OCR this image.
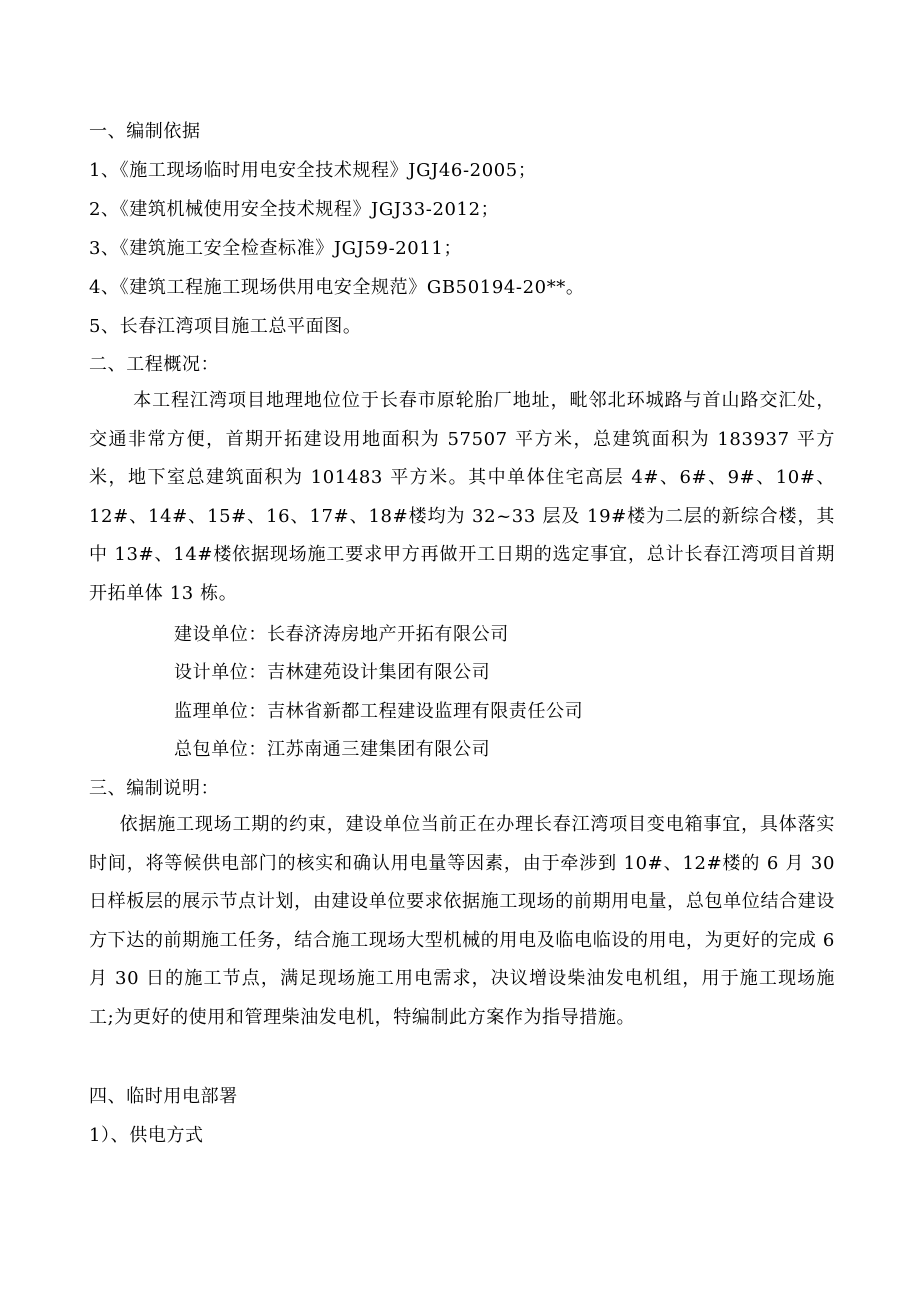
一、编制依据
1、《施工现场临时用电安全技术规程》JGJ46-2005；
2、《建筑机械使用安全技术规程》JGJ33-2012；
3、《建筑施工安全检查标准》JGJ59-2011；
4、《建筑工程施工现场供用电安全规范》GB50194-20**。
5、长春江湾项目施工总平面图。
二、工程概况：

本工程江湾项目地理地位位于长春市原轮胎厂地址，毗邻北环城路与首山路交汇处，交通非常方便，首期开拓建设用地面积为 57507 平方米，总建筑面积为 183937 平方米，地下室总建筑面积为 101483 平方米。其中单体住宅高层 4#、6#、9#、10#、12#、14#、15#、16、17#、18#楼均为 32~33 层及 19#楼为二层的新综合楼，其中 13#、14#楼依据现场施工要求甲方再做开工日期的选定事宜，总计长春江湾项目首期开拓单体 13 栋。

建设单位：长春济涛房地产开拓有限公司
设计单位：吉林建苑设计集团有限公司
监理单位：吉林省新都工程建设监理有限责任公司
总包单位：江苏南通三建集团有限公司
三、编制说明：

依据施工现场工期的约束，建设单位当前正在办理长春江湾项目变电箱事宜，具体落实时间，将等候供电部门的核实和确认用电量等因素，由于牵涉到 10#、12#楼的 6 月 30 日样板层的展示节点计划，由建设单位要求依据施工现场的前期用电量，总包单位结合建设方下达的前期施工任务，结合施工现场大型机械的用电及临电临设的用电，为更好的完成 6 月 30 日的施工节点，满足现场施工用电需求，决议增设柴油发电机组，用于施工现场施工;为更好的使用和管理柴油发电机，特编制此方案作为指导措施。

四、临时用电部署
1）、供电方式
